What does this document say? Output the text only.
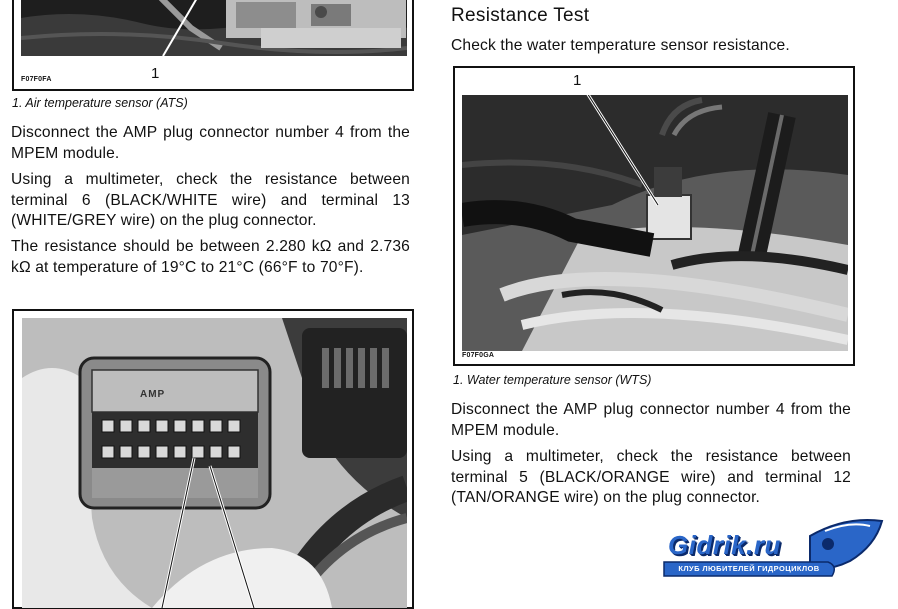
F07F0FA	1
1. Air temperature sensor (ATS)
Disconnect the AMP plug connector number 4 from the MPEM module.
Using a multimeter, check the resistance between terminal 6 (BLACK/WHITE wire) and terminal 13 (WHITE/GREY wire) on the plug connector.
The resistance should be between 2.280 kΩ and 2.736 kΩ at temperature of 19°C to 21°C (66°F to 70°F).
AMP
Resistance Test
Check the water temperature sensor resistance.
1
F07F0GA
1. Water temperature sensor (WTS)
Disconnect the AMP plug connector number 4 from the MPEM module.
Using a multimeter, check the resistance between terminal 5 (BLACK/ORANGE wire) and terminal 12 (TAN/ORANGE wire) on the plug connector.
Gidrik.ru
КЛУБ ЛЮБИТЕЛЕЙ ГИДРОЦИКЛОВ
